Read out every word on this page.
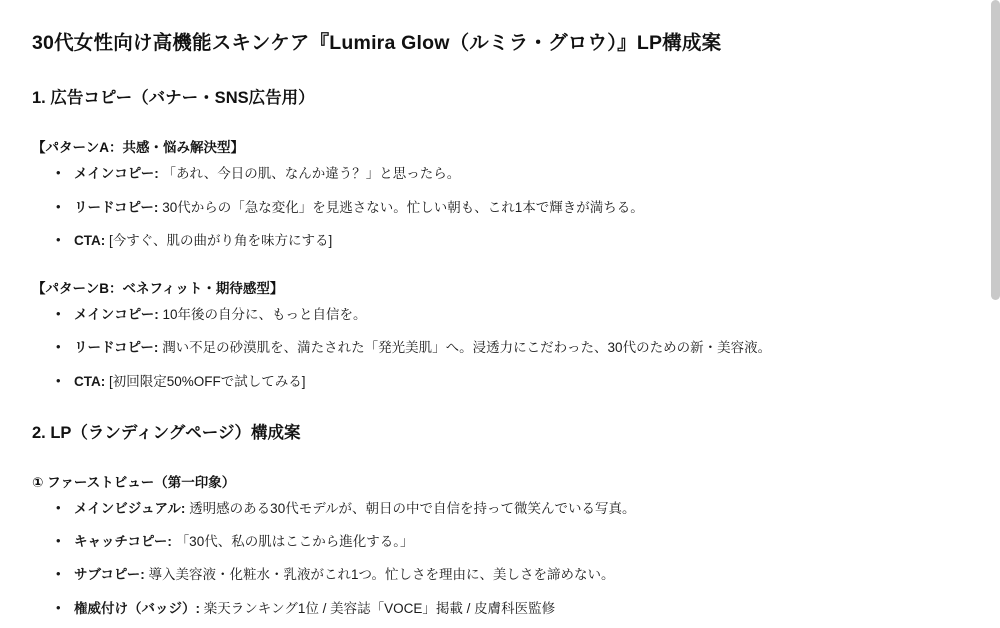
30代女性向け高機能スキンケア『Lumira Glow（ルミラ・グロウ）』LP構成案
1. 広告コピー（バナー・SNS広告用）
【パターンA：共感・悩み解決型】
• メインコピー: 「あれ、今日の肌、なんか違う？」と思ったら。
• リードコピー: 30代からの「急な変化」を見逃さない。忙しい朝も、これ1本で輝きが満ちる。
• CTA: [今すぐ、肌の曲がり角を味方にする]
【パターンB：ベネフィット・期待感型】
• メインコピー: 10年後の自分に、もっと自信を。
• リードコピー: 潤い不足の砂漠肌を、満たされた「発光美肌」へ。浸透力にこだわった、30代のための新・美容液。
• CTA: [初回限定50%OFFで試してみる]
2. LP（ランディングページ）構成案
① ファーストビュー（第一印象）
• メインビジュアル: 透明感のある30代モデルが、朝日の中で自信を持って微笑んでいる写真。
• キャッチコピー: 「30代、私の肌はここから進化する。」
• サブコピー: 導入美容液・化粧水・乳液がこれ1つ。忙しさを理由に、美しさを諦めない。
• 権威付け（バッジ）: 楽天ランキング1位 / 美容誌「VOCE」掲載 / 皮膚科医監修
